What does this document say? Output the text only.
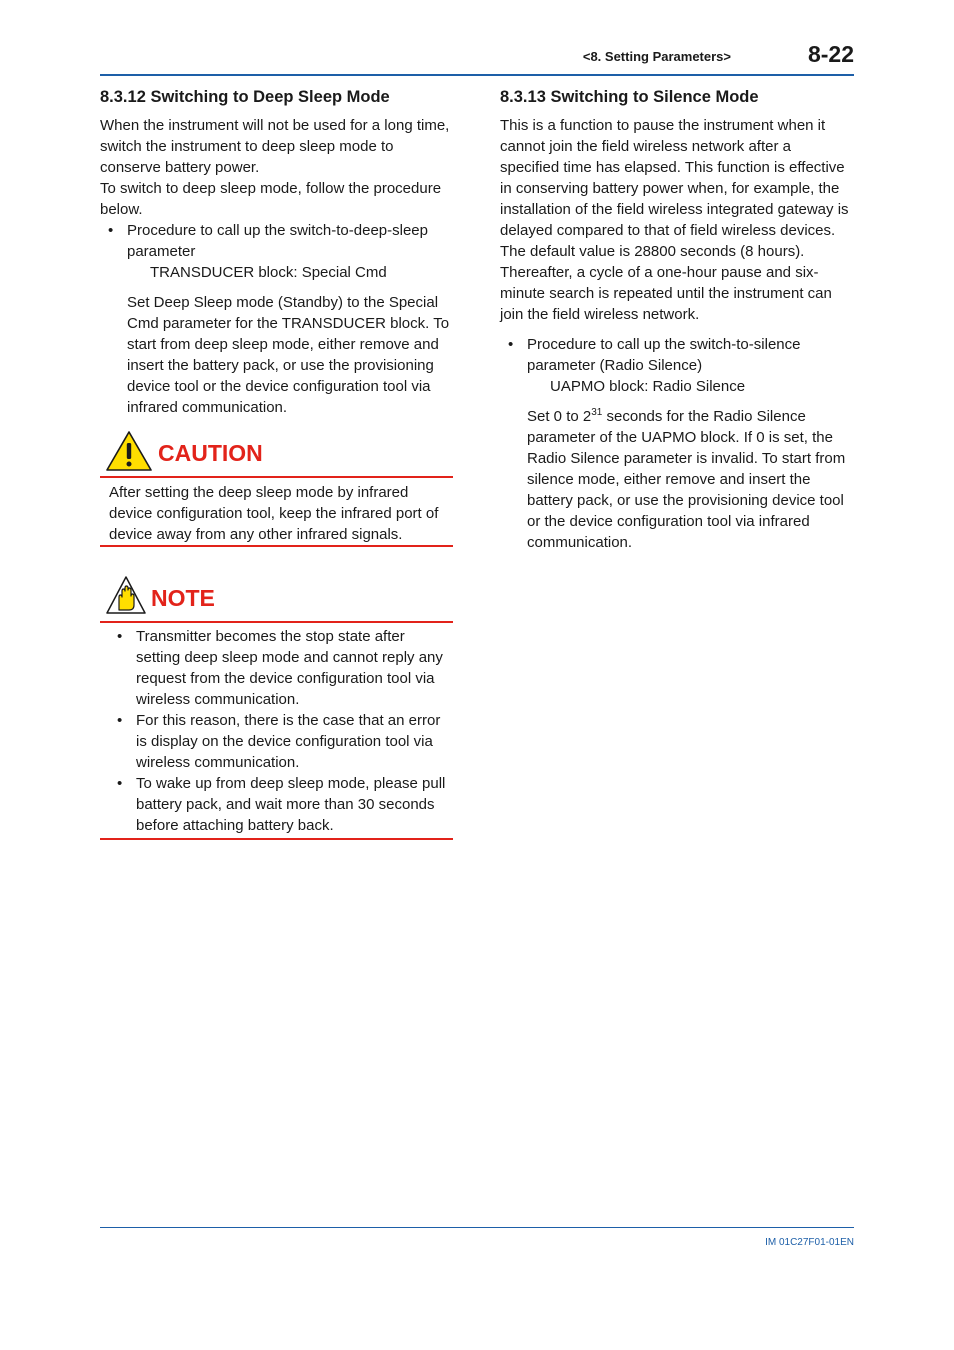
<8. Setting Parameters>	8-22
8.3.12 Switching to Deep Sleep Mode

When the instrument will not be used for a long time, switch the instrument to deep sleep mode to conserve battery power.

To switch to deep sleep mode, follow the procedure below.

• Procedure to call up the switch-to-deep-sleep parameter
TRANSDUCER block: Special Cmd
Set Deep Sleep mode (Standby) to the Special Cmd parameter for the TRANSDUCER block. To start from deep sleep mode, either remove and insert the battery pack, or use the provisioning device tool or the device configuration tool via infrared communication.
CAUTION
After setting the deep sleep mode by infrared device configuration tool, keep the infrared port of device away from any other infrared signals.
NOTE
• Transmitter becomes the stop state after setting deep sleep mode and cannot reply any request from the device configuration tool via wireless communication.
• For this reason, there is the case that an error is display on the device configuration tool via wireless communication.
• To wake up from deep sleep mode, please pull battery pack, and wait more than 30 seconds before attaching battery back.
8.3.13 Switching to Silence Mode

This is a function to pause the instrument when it cannot join the field wireless network after a specified time has elapsed. This function is effective in conserving battery power when, for example, the installation of the field wireless integrated gateway is delayed compared to that of field wireless devices. The default value is 28800 seconds (8 hours). Thereafter, a cycle of a one-hour pause and six-minute search is repeated until the instrument can join the field wireless network.

• Procedure to call up the switch-to-silence parameter (Radio Silence)
UAPMO block: Radio Silence
Set 0 to $2^{31}$ seconds for the Radio Silence parameter of the UAPMO block. If 0 is set, the Radio Silence parameter is invalid. To start from silence mode, either remove and insert the battery pack, or use the provisioning device tool or the device configuration tool via infrared communication.
IM 01C27F01-01EN
